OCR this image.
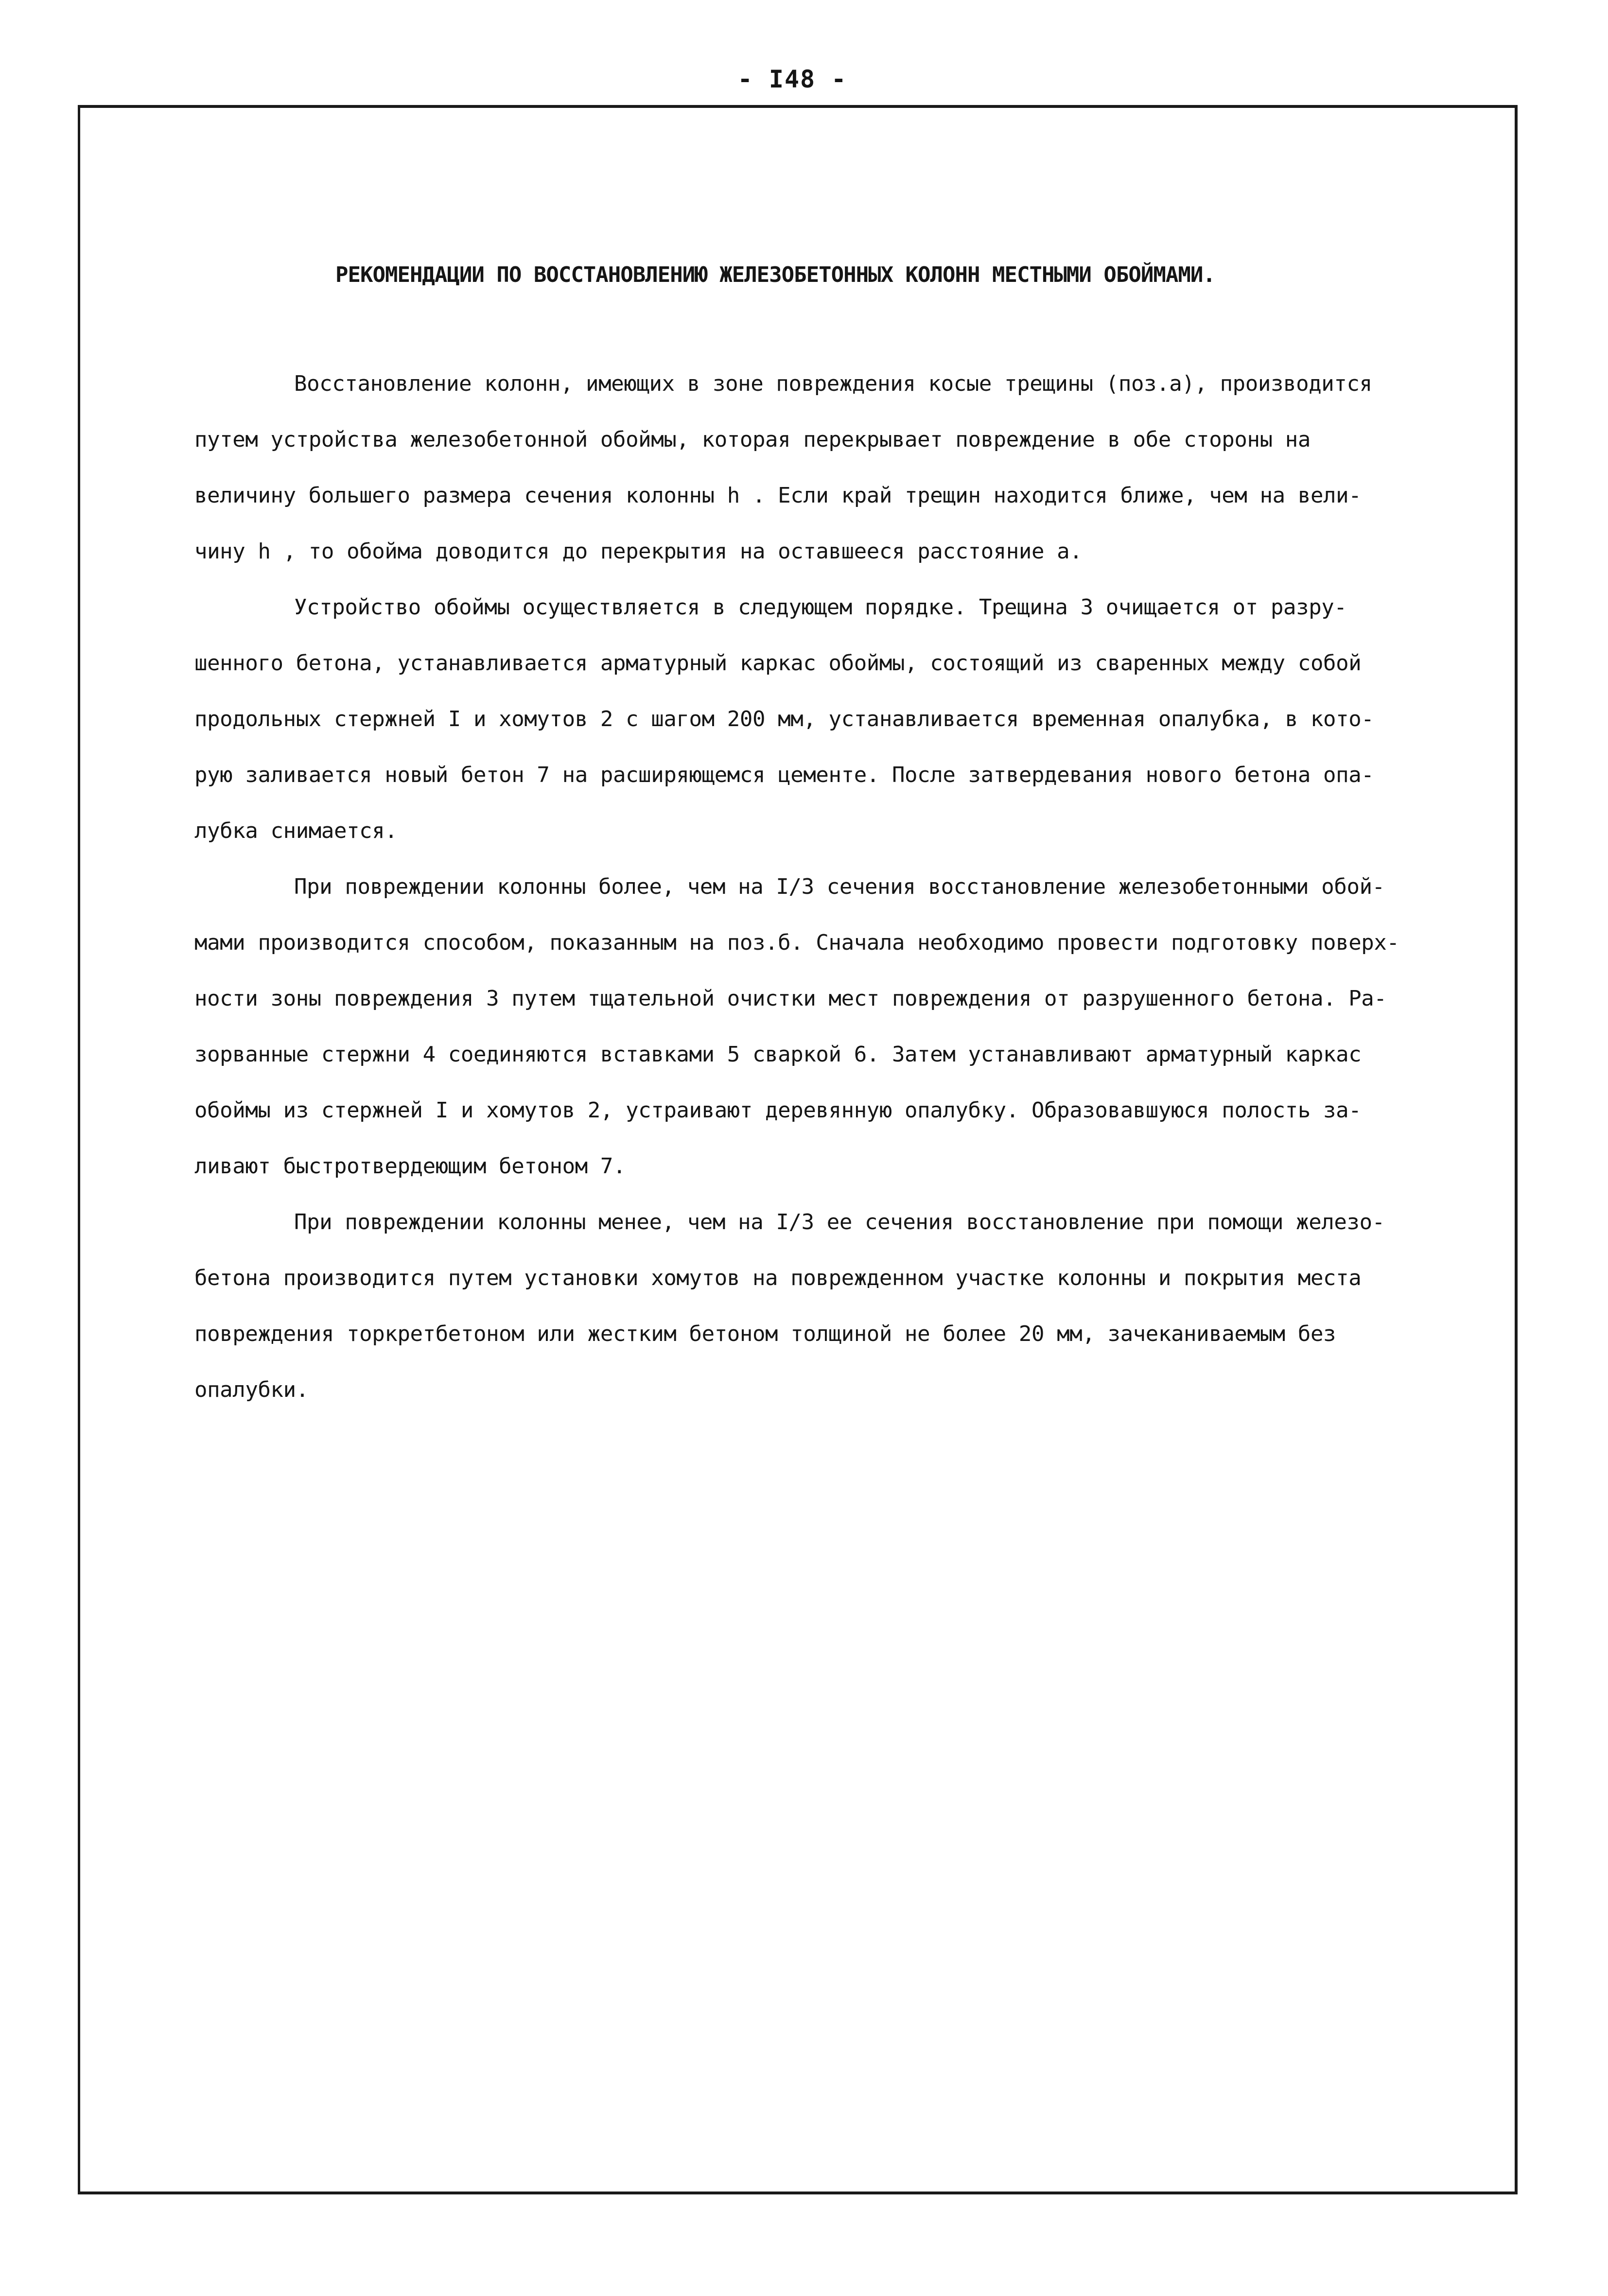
- I48 -
РЕКОМЕНДАЦИИ ПО ВОССТАНОВЛЕНИЮ ЖЕЛЕЗОБЕТОННЫХ КОЛОНН МЕСТНЫМИ ОБОЙМАМИ.
Восстановление колонн, имеющих в зоне повреждения косые трещины (поз.а), производится
путем устройства железобетонной обоймы, которая перекрывает повреждение в обе стороны на
величину большего размера сечения колонны h . Если край трещин находится ближе, чем на вели-
чину h , то обойма доводится до перекрытия на оставшееся расстояние а.
Устройство обоймы осуществляется в следующем порядке. Трещина 3 очищается от разру-
шенного бетона, устанавливается арматурный каркас обоймы, состоящий из сваренных между собой
продольных стержней I и хомутов 2 с шагом 200 мм, устанавливается временная опалубка, в кото-
рую заливается новый бетон 7 на расширяющемся цементе. После затвердевания нового бетона опа-
лубка снимается.
При повреждении колонны более, чем на I/3 сечения восстановление железобетонными обой-
мами производится способом, показанным на поз.б. Сначала необходимо провести подготовку поверх-
ности зоны повреждения 3 путем тщательной очистки мест повреждения от разрушенного бетона. Ра-
зорванные стержни 4 соединяются вставками 5 сваркой 6. Затем устанавливают арматурный каркас
обоймы из стержней I и хомутов 2, устраивают деревянную опалубку. Образовавшуюся полость за-
ливают быстротвердеющим бетоном 7.
При повреждении колонны менее, чем на I/3 ее сечения восстановление при помощи железо-
бетона производится путем установки хомутов на поврежденном участке колонны и покрытия места
повреждения торкретбетоном или жестким бетоном толщиной не более 20 мм, зачеканиваемым без
опалубки.
